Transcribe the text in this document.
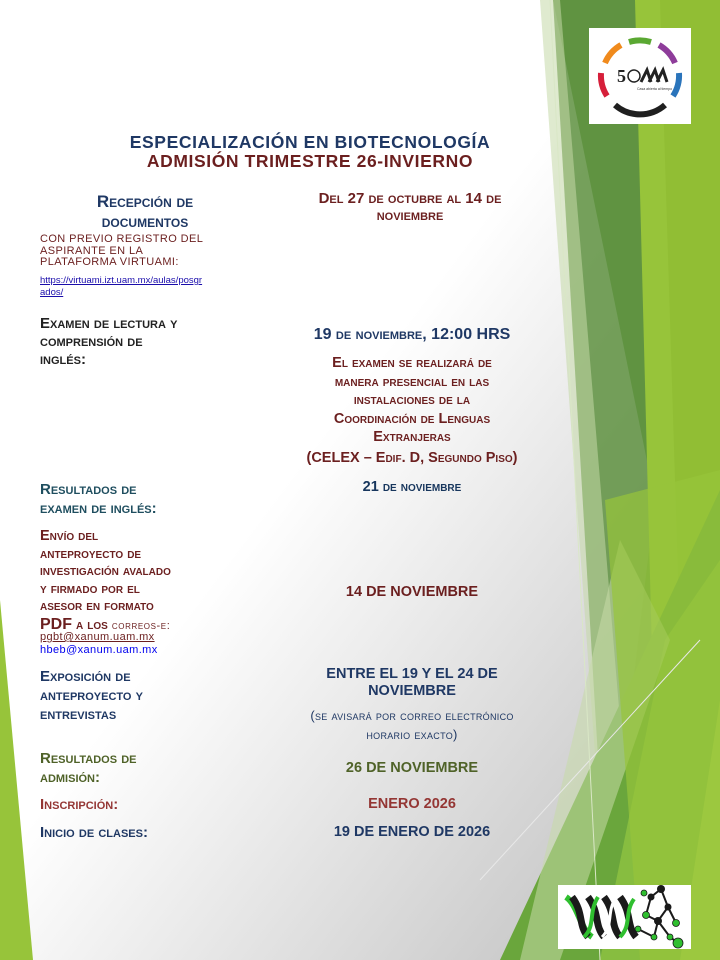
5
Casa abierta al tiempo
ESPECIALIZACIÓN EN BIOTECNOLOGÍA
ADMISIÓN TRIMESTRE 26-INVIERNO
Recepción de
documentos
CON PREVIO REGISTRO DEL
ASPIRANTE EN LA
PLATAFORMA VIRTUAMI:
https://virtuami.izt.uam.mx/aulas/posgr
ados/
Del 27 de octubre al 14 de
noviembre
Examen de lectura y
comprensión de
inglés:
19 de noviembre, 12:00 HRS
El examen se realizará de
manera presencial en las
instalaciones de la
Coordinación de Lenguas
Extranjeras
(CELEX – Edif. D, Segundo Piso)
Resultados de
examen de inglés:
21 de noviembre
Envío del
anteproyecto de
investigación avalado
y firmado por el
asesor en formato
PDF a los correos-e:
pgbt@xanum.uam.mx
hbeb@xanum.uam.mx
14 DE NOVIEMBRE
Exposición de
anteproyecto y
entrevistas
ENTRE EL 19 Y EL 24 DE
NOVIEMBRE
(se avisará por correo electrónico
horario exacto)
Resultados de
admisión:
26 DE NOVIEMBRE
Inscripción:	ENERO 2026
Inicio de clases:	19 DE ENERO DE 2026
